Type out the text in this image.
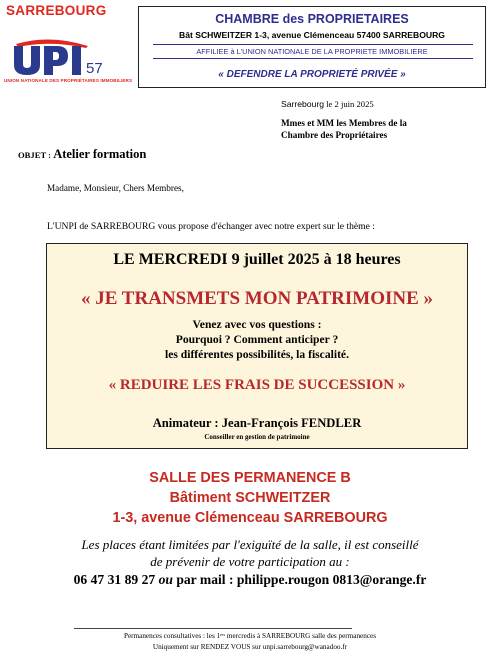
SARREBOURG
57
UNION NATIONALE DES PROPRIÉTAIRES IMMOBILIERS
CHAMBRE des PROPRIETAIRES
Bât SCHWEITZER 1-3, avenue Clémenceau 57400 SARREBOURG
AFFILIEE à L'UNION NATIONALE DE LA PROPRIETE IMMOBILIERE
« DEFENDRE LA PROPRIETÉ PRIVÉE »
Sarrebourg le 2 juin 2025
Mmes et MM les Membres de la
Chambre des Propriétaires
OBJET : Atelier formation
Madame, Monsieur, Chers Membres,
L'UNPI de SARREBOURG vous propose d'échanger avec notre expert sur le thème :
LE MERCREDI 9 juillet 2025 à 18 heures
« JE TRANSMETS MON PATRIMOINE »
Venez avec vos questions :
Pourquoi ? Comment anticiper ?
les différentes possibilités, la fiscalité.
« REDUIRE LES FRAIS DE SUCCESSION »
Animateur : Jean-François FENDLER
Conseiller en gestion de patrimoine
SALLE DES PERMANENCE B
Bâtiment SCHWEITZER
1-3, avenue Clémenceau SARREBOURG
Les places étant limitées par l'exiguïté de la salle, il est conseillé
de prévenir de votre participation au :
06 47 31 89 27 ou par mail : philippe.rougon 0813@orange.fr
Permanences consultatives : les 1ᵉʳˢ mercredis à SARREBOURG salle des permanences
Uniquement sur RENDEZ VOUS sur unpi.sarrebourg@wanadoo.fr
